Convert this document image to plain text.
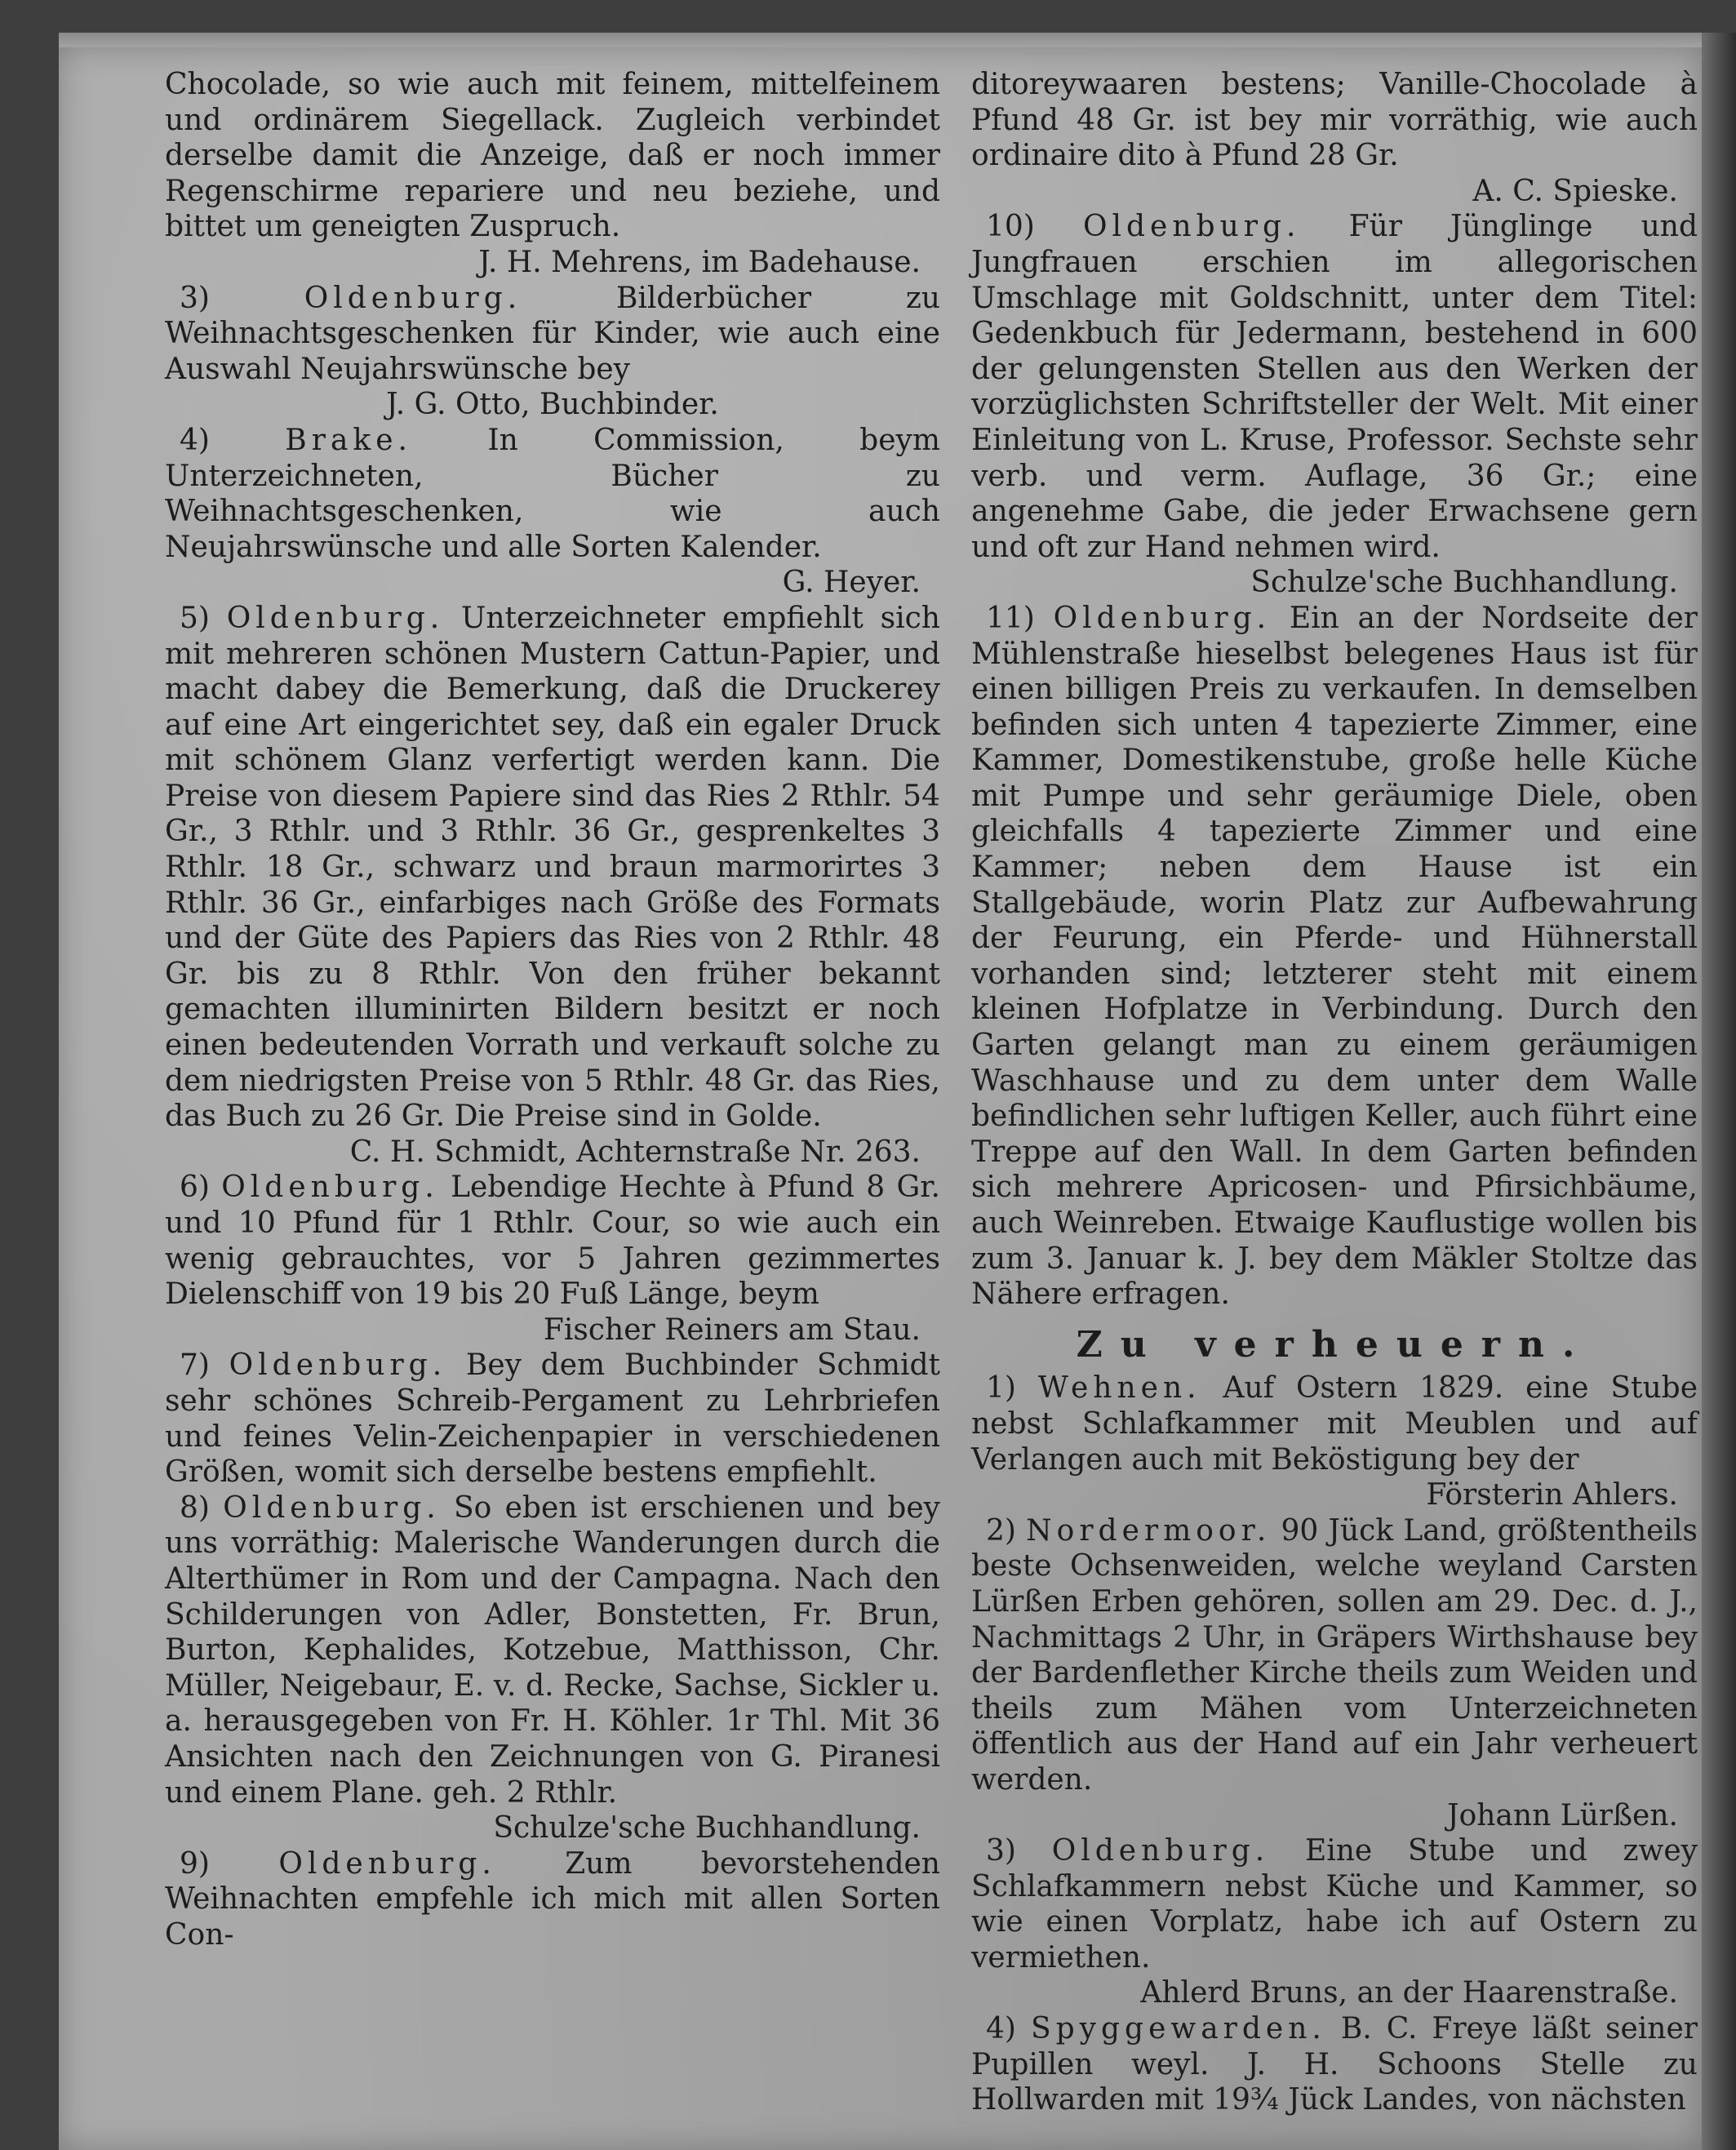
Chocolade, so wie auch mit feinem, mittelfeinem und ordinärem Siegellack. Zugleich verbindet derselbe damit die Anzeige, daß er noch immer Regenschirme repariere und neu beziehe, und bittet um geneigten Zuspruch.

J. H. Mehrens, im Badehause.

3)	Oldenburg.	Bilderbücher zu Weihnachtsgeschenken für Kinder, wie auch eine Auswahl Neujahrswünsche bey

J. G. Otto, Buchbinder.

4)	Brake.	In Commission, beym Unterzeichneten, Bücher zu Weihnachtsgeschenken, wie auch Neujahrswünsche und alle Sorten Kalender.

G. Heyer.

5) Oldenburg. Unterzeichneter empfiehlt sich mit mehreren schönen Mustern Cattun-Papier, und macht dabey die Bemerkung, daß die Druckerey auf eine Art eingerichtet sey, daß ein egaler Druck mit schönem Glanz verfertigt werden kann. Die Preise von diesem Papiere sind das Ries 2 Rthlr. 54 Gr., 3 Rthlr. und 3 Rthlr. 36 Gr., gesprenkeltes 3 Rthlr. 18 Gr., schwarz und braun marmorirtes 3 Rthlr. 36 Gr., einfarbiges nach Größe des Formats und der Güte des Papiers das Ries von 2 Rthlr. 48 Gr. bis zu 8 Rthlr. Von den früher bekannt gemachten illuminirten Bildern besitzt er noch einen bedeutenden Vorrath und verkauft solche zu dem niedrigsten Preise von 5 Rthlr. 48 Gr. das Ries, das Buch zu 26 Gr. Die Preise sind in Golde.

C. H. Schmidt, Achternstraße Nr. 263.

6) Oldenburg. Lebendige Hechte à Pfund 8 Gr. und 10 Pfund für 1 Rthlr. Cour, so wie auch ein wenig gebrauchtes, vor 5 Jahren gezimmertes Dielenschiff von 19 bis 20 Fuß Länge, beym

Fischer Reiners am Stau.

7) Oldenburg. Bey dem Buchbinder Schmidt sehr schönes Schreib-Pergament zu Lehrbriefen und feines Velin-Zeichenpapier in verschiedenen Größen, womit sich derselbe bestens empfiehlt.

8) Oldenburg. So eben ist erschienen und bey uns vorräthig: Malerische Wanderungen durch die Alterthümer in Rom und der Campagna. Nach den Schilderungen von Adler, Bonstetten, Fr. Brun, Burton, Kephalides, Kotzebue, Matthisson, Chr. Müller, Neigebaur, E. v. d. Recke, Sachse, Sickler u. a. herausgegeben von Fr. H. Köhler. 1r Thl. Mit 36 Ansichten nach den Zeichnungen von G. Piranesi und einem Plane. geh. 2 Rthlr.

Schulze'sche Buchhandlung.

9) Oldenburg. Zum bevorstehenden Weihnachten empfehle ich mich mit allen Sorten Con-

ditoreywaaren bestens; Vanille-Chocolade à Pfund 48 Gr. ist bey mir vorräthig, wie auch ordinaire dito à Pfund 28 Gr.

A. C. Spieske.

10) Oldenburg. Für Jünglinge und Jungfrauen erschien im allegorischen Umschlage mit Goldschnitt, unter dem Titel: Gedenkbuch für Jedermann, bestehend in 600 der gelungensten Stellen aus den Werken der vorzüglichsten Schriftsteller der Welt. Mit einer Einleitung von L. Kruse, Professor. Sechste sehr verb. und verm. Auflage, 36 Gr.; eine angenehme Gabe, die jeder Erwachsene gern und oft zur Hand nehmen wird.

Schulze'sche Buchhandlung.

11) Oldenburg. Ein an der Nordseite der Mühlenstraße hieselbst belegenes Haus ist für einen billigen Preis zu verkaufen. In demselben befinden sich unten 4 tapezierte Zimmer, eine Kammer, Domestikenstube, große helle Küche mit Pumpe und sehr geräumige Diele, oben gleichfalls 4 tapezierte Zimmer und eine Kammer; neben dem Hause ist ein Stallgebäude, worin Platz zur Aufbewahrung der Feurung, ein Pferde- und Hühnerstall vorhanden sind; letzterer steht mit einem kleinen Hofplatze in Verbindung. Durch den Garten gelangt man zu einem geräumigen Waschhause und zu dem unter dem Walle befindlichen sehr luftigen Keller, auch führt eine Treppe auf den Wall. In dem Garten befinden sich mehrere Apricosen- und Pfirsichbäume, auch Weinreben. Etwaige Kauflustige wollen bis zum 3. Januar k. J. bey dem Mäkler Stoltze das Nähere erfragen.

Zu verheuern.

1) Wehnen. Auf Ostern 1829. eine Stube nebst Schlafkammer mit Meublen und auf Verlangen auch mit Beköstigung bey der

Försterin Ahlers.

2) Nordermoor. 90 Jück Land, größtentheils beste Ochsenweiden, welche weyland Carsten Lürßen Erben gehören, sollen am 29. Dec. d. J., Nachmittags 2 Uhr, in Gräpers Wirthshause bey der Bardenflether Kirche theils zum Weiden und theils zum Mähen vom Unterzeichneten öffentlich aus der Hand auf ein Jahr verheuert werden.

Johann Lürßen.

3) Oldenburg. Eine Stube und zwey Schlafkammern nebst Küche und Kammer, so wie einen Vorplatz, habe ich auf Ostern zu vermiethen.

Ahlerd Bruns, an der Haarenstraße.

4) Spyggewarden. B. C. Freye läßt seiner Pupillen weyl. J. H. Schoons Stelle zu Hollwarden mit 19¾ Jück Landes, von nächsten
